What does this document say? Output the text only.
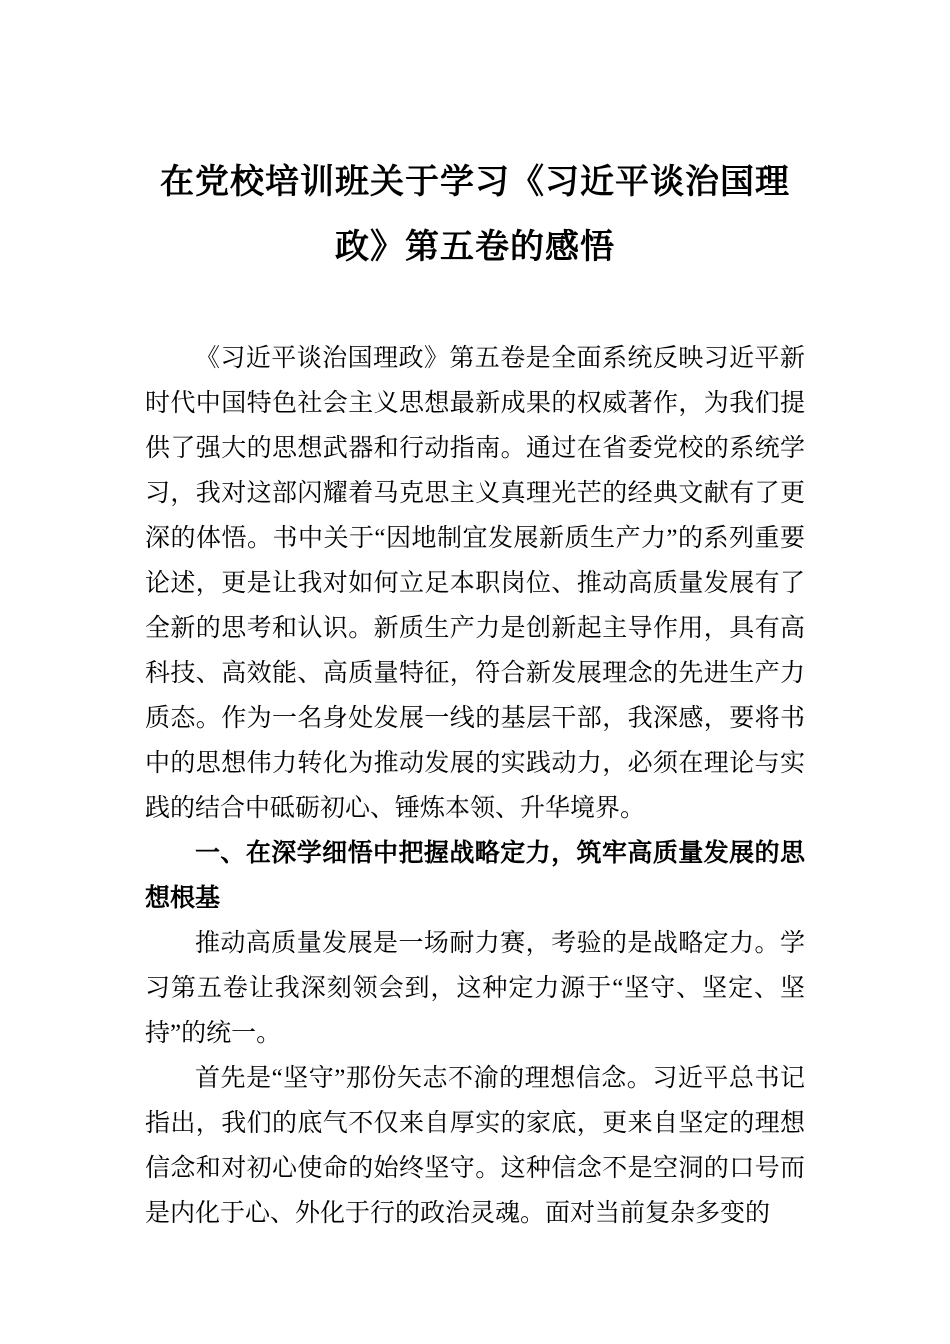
在党校培训班关于学习《习近平谈治国理政》第五卷的感悟

《习近平谈治国理政》第五卷是全面系统反映习近平新时代中国特色社会主义思想最新成果的权威著作，为我们提供了强大的思想武器和行动指南。通过在省委党校的系统学习，我对这部闪耀着马克思主义真理光芒的经典文献有了更深的体悟。书中关于“因地制宜发展新质生产力”的系列重要论述，更是让我对如何立足本职岗位、推动高质量发展有了全新的思考和认识。新质生产力是创新起主导作用，具有高科技、高效能、高质量特征，符合新发展理念的先进生产力质态。作为一名身处发展一线的基层干部，我深感，要将书中的思想伟力转化为推动发展的实践动力，必须在理论与实践的结合中砥砺初心、锤炼本领、升华境界。

一、在深学细悟中把握战略定力，筑牢高质量发展的思想根基

推动高质量发展是一场耐力赛，考验的是战略定力。学习第五卷让我深刻领会到，这种定力源于“坚守、坚定、坚持”的统一。

首先是“坚守”那份矢志不渝的理想信念。习近平总书记指出，我们的底气不仅来自厚实的家底，更来自坚定的理想信念和对初心使命的始终坚守。这种信念不是空洞的口号而是内化于心、外化于行的政治灵魂。面对当前复杂多变的
